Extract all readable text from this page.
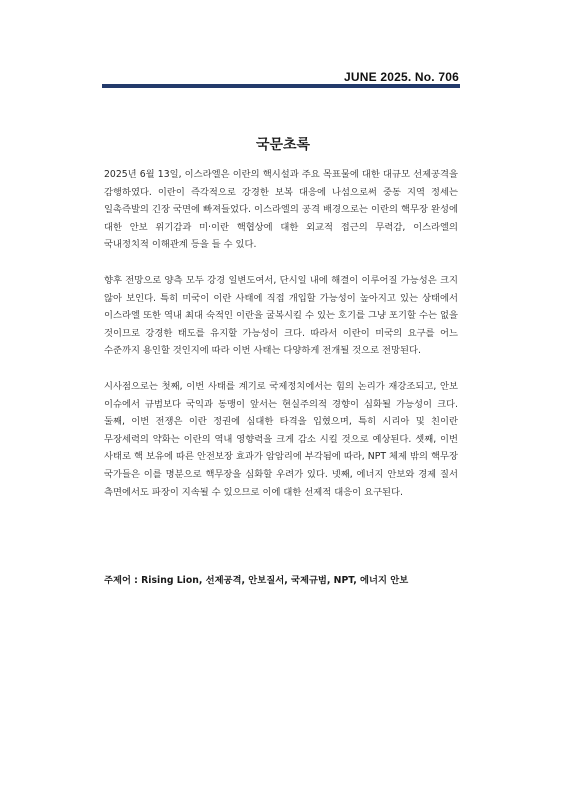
JUNE 2025. No. 706
국문초록

2025년 6월 13일, 이스라엘은 이란의 핵시설과 주요 목표물에 대한 대규모 선제공격을 감행하였다. 이란이 즉각적으로 강경한 보복 대응에 나섬으로써 중동 지역 정세는 일촉즉발의 긴장 국면에 빠져들었다. 이스라엘의 공격 배경으로는 이란의 핵무장 완성에 대한 안보 위기감과 미·이란 핵협상에 대한 외교적 접근의 무력감, 이스라엘의 국내정치적 이해관계 등을 들 수 있다.

향후 전망으로 양측 모두 강경 일변도여서, 단시일 내에 해결이 이루어질 가능성은 크지 않아 보인다. 특히 미국이 이란 사태에 직접 개입할 가능성이 높아지고 있는 상태에서 이스라엘 또한 역내 최대 숙적인 이란을 굴복시킬 수 있는 호기를 그냥 포기할 수는 없을 것이므로 강경한 태도를 유지할 가능성이 크다. 따라서 이란이 미국의 요구를 어느 수준까지 용인할 것인지에 따라 이번 사태는 다양하게 전개될 것으로 전망된다.

시사점으로는 첫째, 이번 사태를 계기로 국제정치에서는 힘의 논리가 재강조되고, 안보 이슈에서 규범보다 국익과 동맹이 앞서는 현실주의적 경향이 심화될 가능성이 크다. 둘째, 이번 전쟁은 이란 정권에 심대한 타격을 입혔으며, 특히 시리아 및 친이란 무장세력의 약화는 이란의 역내 영향력을 크게 감소 시킬 것으로 예상된다. 셋째, 이번 사태로 핵 보유에 따른 안전보장 효과가 암암리에 부각됨에 따라, NPT 체제 밖의 핵무장 국가들은 이를 명분으로 핵무장을 심화할 우려가 있다. 넷째, 에너지 안보와 경제 질서 측면에서도 파장이 지속될 수 있으므로 이에 대한 선제적 대응이 요구된다.

주제어 : Rising Lion, 선제공격, 안보질서, 국제규범, NPT, 에너지 안보
